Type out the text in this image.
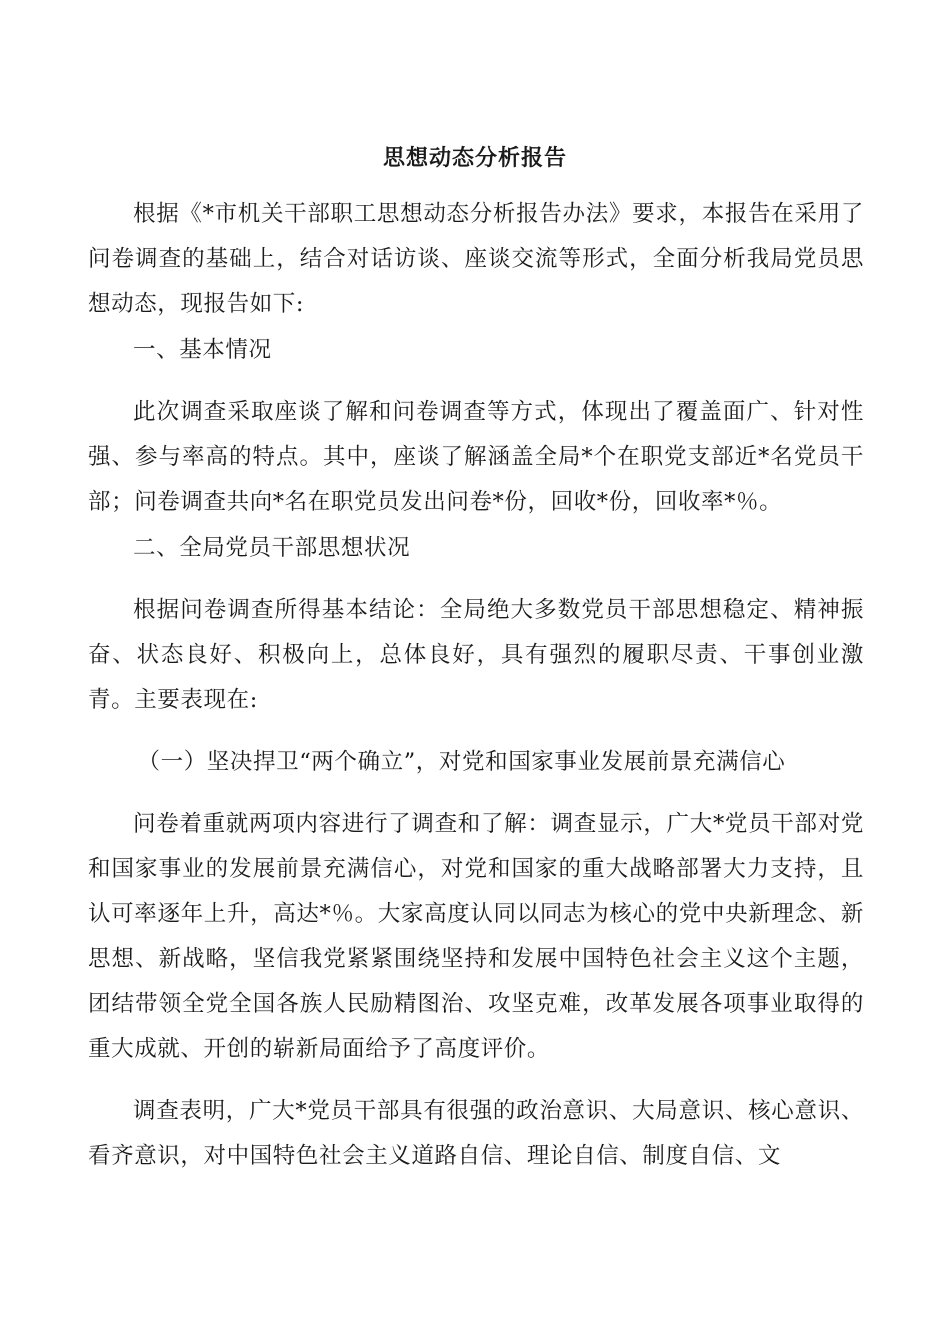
思想动态分析报告

根据《*市机关干部职工思想动态分析报告办法》要求，本报告在采用了问卷调查的基础上，结合对话访谈、座谈交流等形式，全面分析我局党员思想动态，现报告如下:

一、基本情况

此次调查采取座谈了解和问卷调查等方式，体现出了覆盖面广、针对性强、参与率高的特点。其中，座谈了解涵盖全局*个在职党支部近*名党员干部；问卷调查共向*名在职党员发出问卷*份，回收*份，回收率*％。

二、全局党员干部思想状况

根据问卷调查所得基本结论：全局绝大多数党员干部思想稳定、精神振奋、状态良好、积极向上，总体良好，具有强烈的履职尽责、干事创业激青。主要表现在:

（一）坚决捍卫“两个确立”，对党和国家事业发展前景充满信心

问卷着重就两项内容进行了调查和了解：调查显示，广大*党员干部对党和国家事业的发展前景充满信心，对党和国家的重大战略部署大力支持，且认可率逐年上升，高达*％。大家高度认同以同志为核心的党中央新理念、新思想、新战略，坚信我党紧紧围绕坚持和发展中国特色社会主义这个主题，团结带领全党全国各族人民励精图治、攻坚克难，改革发展各项事业取得的重大成就、开创的崭新局面给予了高度评价。

调查表明，广大*党员干部具有很强的政治意识、大局意识、核心意识、看齐意识，对中国特色社会主义道路自信、理论自信、制度自信、文
